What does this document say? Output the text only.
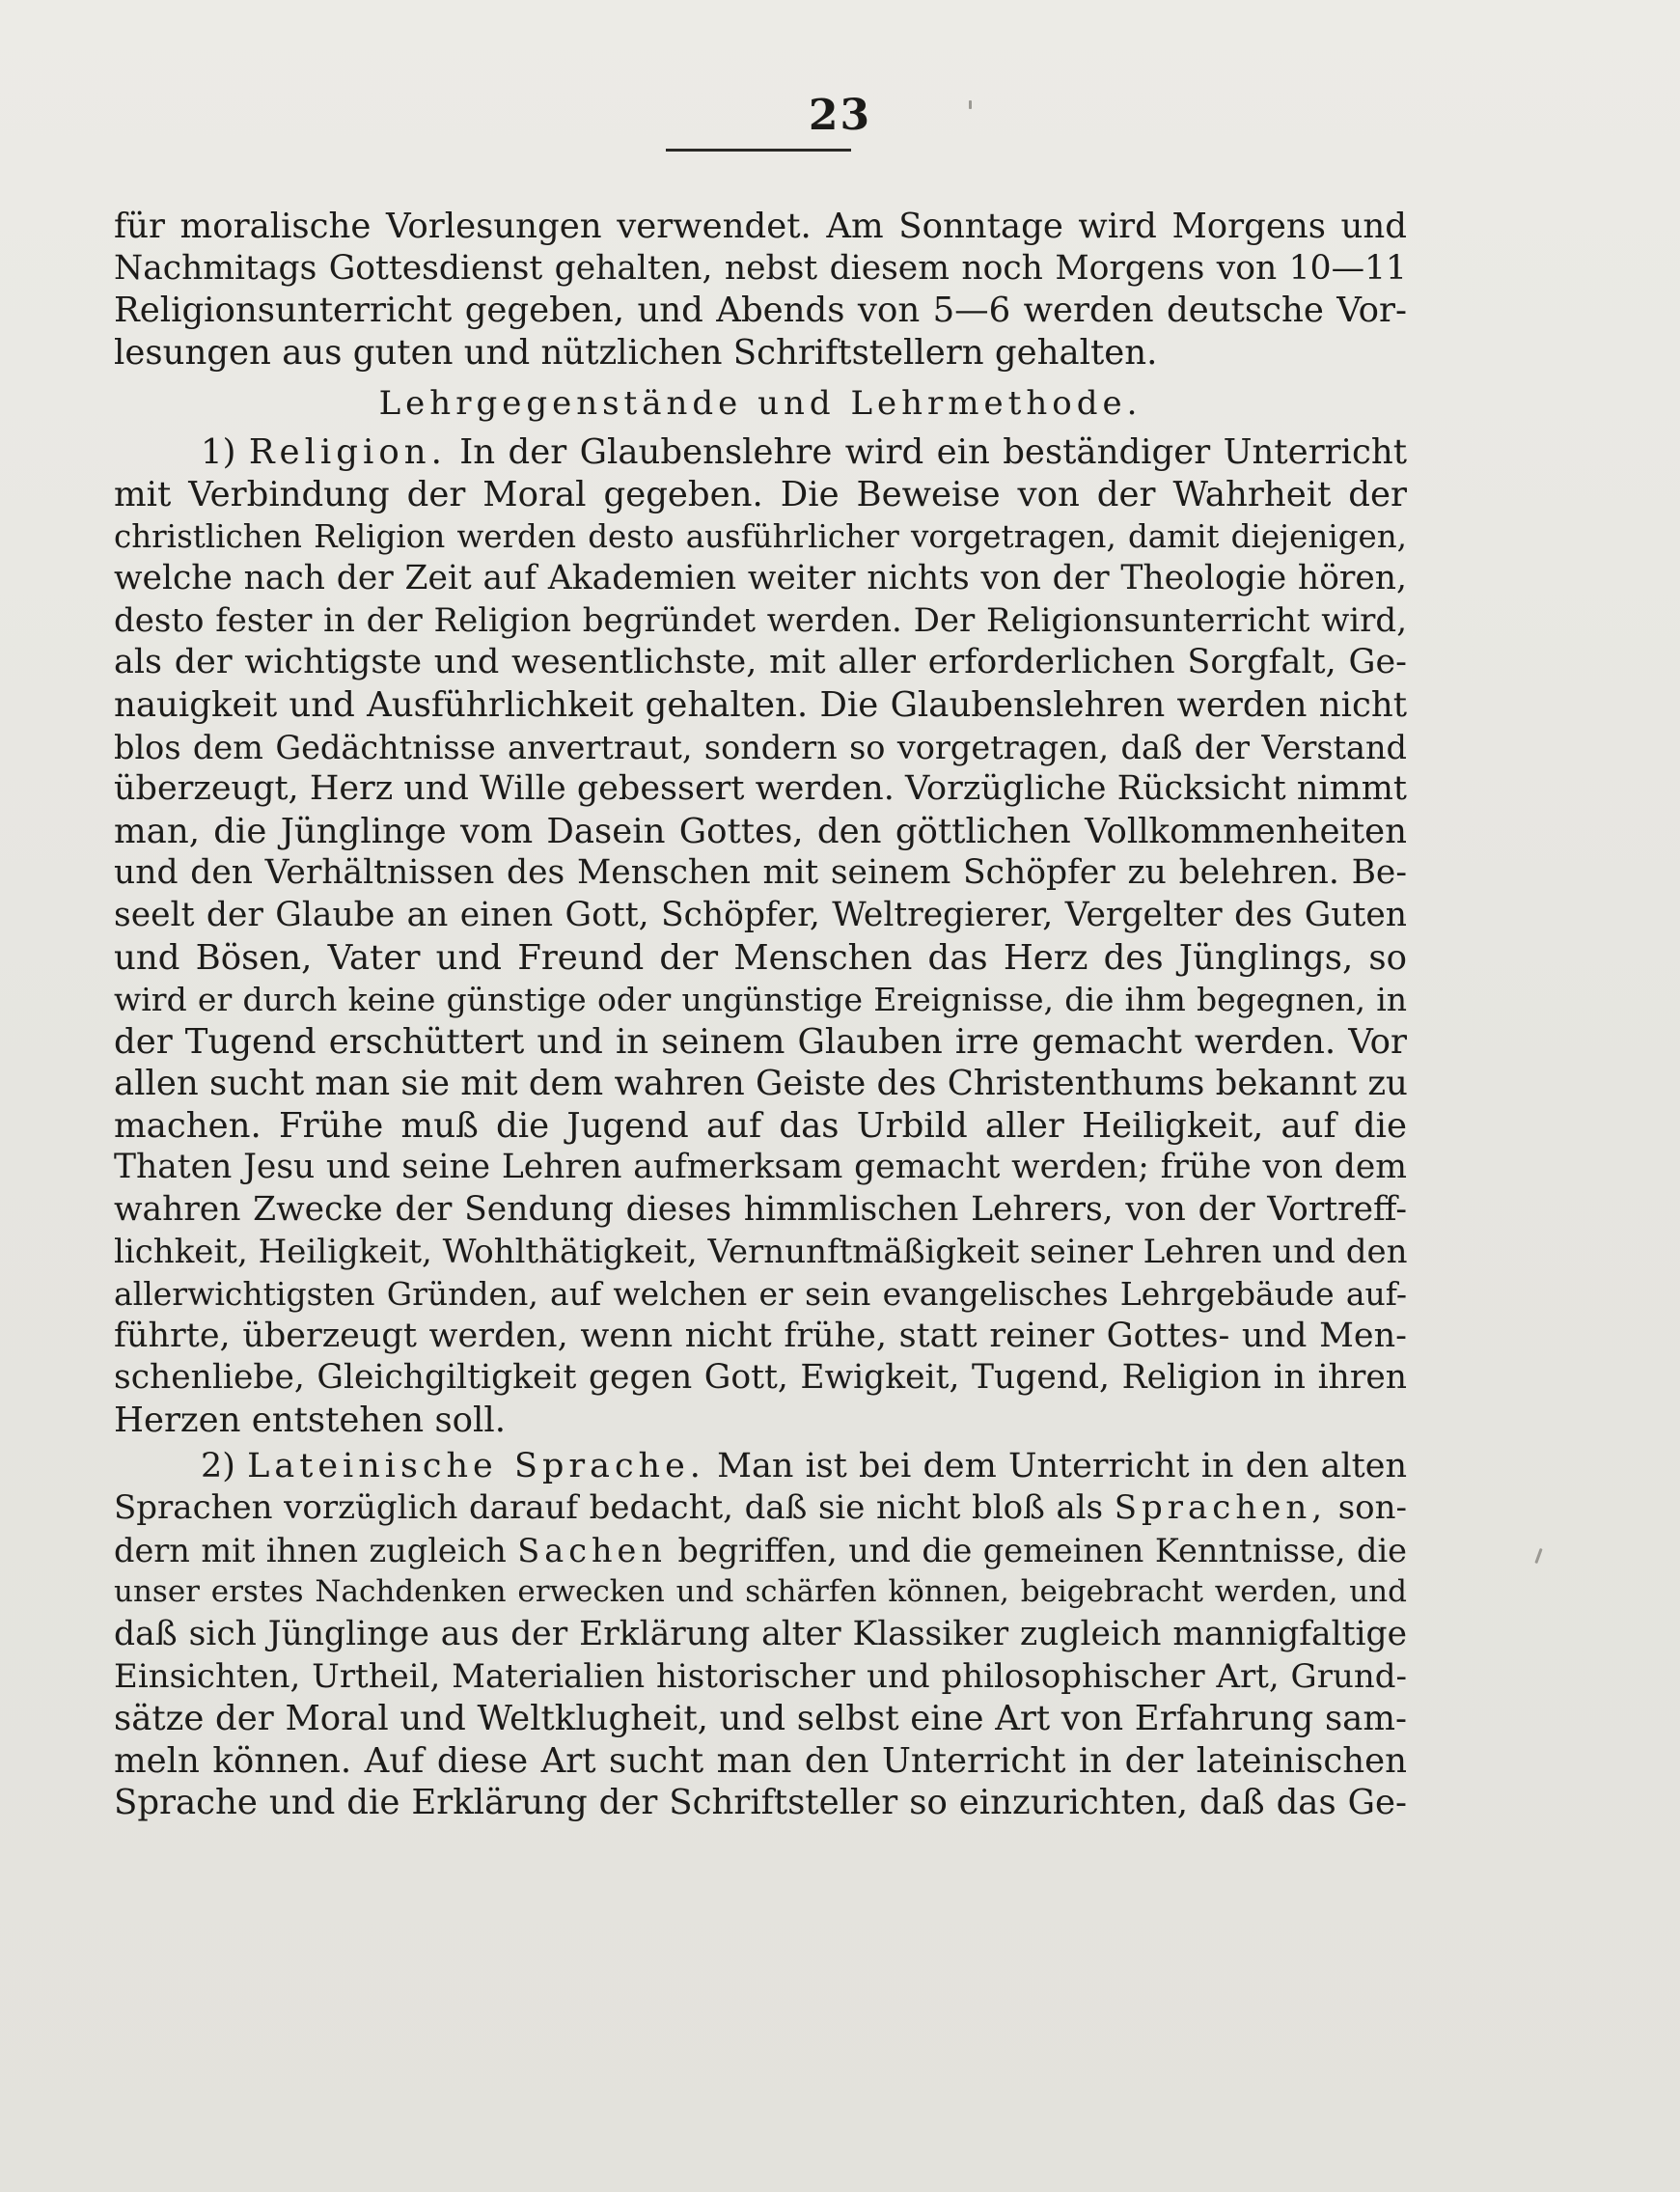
23
für moralische Vorlesungen verwendet. Am Sonntage wird Morgens und
Nachmitags Gottesdienst gehalten, nebst diesem noch Morgens von 10—11
Religionsunterricht gegeben, und Abends von 5—6 werden deutsche Vor-
lesungen aus guten und nützlichen Schriftstellern gehalten.
Lehrgegenstände und Lehrmethode.
1) Religion. In der Glaubenslehre wird ein beständiger Unterricht
mit Verbindung der Moral gegeben. Die Beweise von der Wahrheit der
christlichen Religion werden desto ausführlicher vorgetragen, damit diejenigen,
welche nach der Zeit auf Akademien weiter nichts von der Theologie hören,
desto fester in der Religion begründet werden. Der Religionsunterricht wird,
als der wichtigste und wesentlichste, mit aller erforderlichen Sorgfalt, Ge-
nauigkeit und Ausführlichkeit gehalten. Die Glaubenslehren werden nicht
blos dem Gedächtnisse anvertraut, sondern so vorgetragen, daß der Verstand
überzeugt, Herz und Wille gebessert werden. Vorzügliche Rücksicht nimmt
man, die Jünglinge vom Dasein Gottes, den göttlichen Vollkommenheiten
und den Verhältnissen des Menschen mit seinem Schöpfer zu belehren. Be-
seelt der Glaube an einen Gott, Schöpfer, Weltregierer, Vergelter des Guten
und Bösen, Vater und Freund der Menschen das Herz des Jünglings, so
wird er durch keine günstige oder ungünstige Ereignisse, die ihm begegnen, in
der Tugend erschüttert und in seinem Glauben irre gemacht werden. Vor
allen sucht man sie mit dem wahren Geiste des Christenthums bekannt zu
machen. Frühe muß die Jugend auf das Urbild aller Heiligkeit, auf die
Thaten Jesu und seine Lehren aufmerksam gemacht werden; frühe von dem
wahren Zwecke der Sendung dieses himmlischen Lehrers, von der Vortreff-
lichkeit, Heiligkeit, Wohlthätigkeit, Vernunftmäßigkeit seiner Lehren und den
allerwichtigsten Gründen, auf welchen er sein evangelisches Lehrgebäude auf-
führte, überzeugt werden, wenn nicht frühe, statt reiner Gottes- und Men-
schenliebe, Gleichgiltigkeit gegen Gott, Ewigkeit, Tugend, Religion in ihren
Herzen entstehen soll.
2) Lateinische Sprache. Man ist bei dem Unterricht in den alten
Sprachen vorzüglich darauf bedacht, daß sie nicht bloß als Sprachen, son-
dern mit ihnen zugleich Sachen begriffen, und die gemeinen Kenntnisse, die
unser erstes Nachdenken erwecken und schärfen können, beigebracht werden, und
daß sich Jünglinge aus der Erklärung alter Klassiker zugleich mannigfaltige
Einsichten, Urtheil, Materialien historischer und philosophischer Art, Grund-
sätze der Moral und Weltklugheit, und selbst eine Art von Erfahrung sam-
meln können. Auf diese Art sucht man den Unterricht in der lateinischen
Sprache und die Erklärung der Schriftsteller so einzurichten, daß das Ge-
